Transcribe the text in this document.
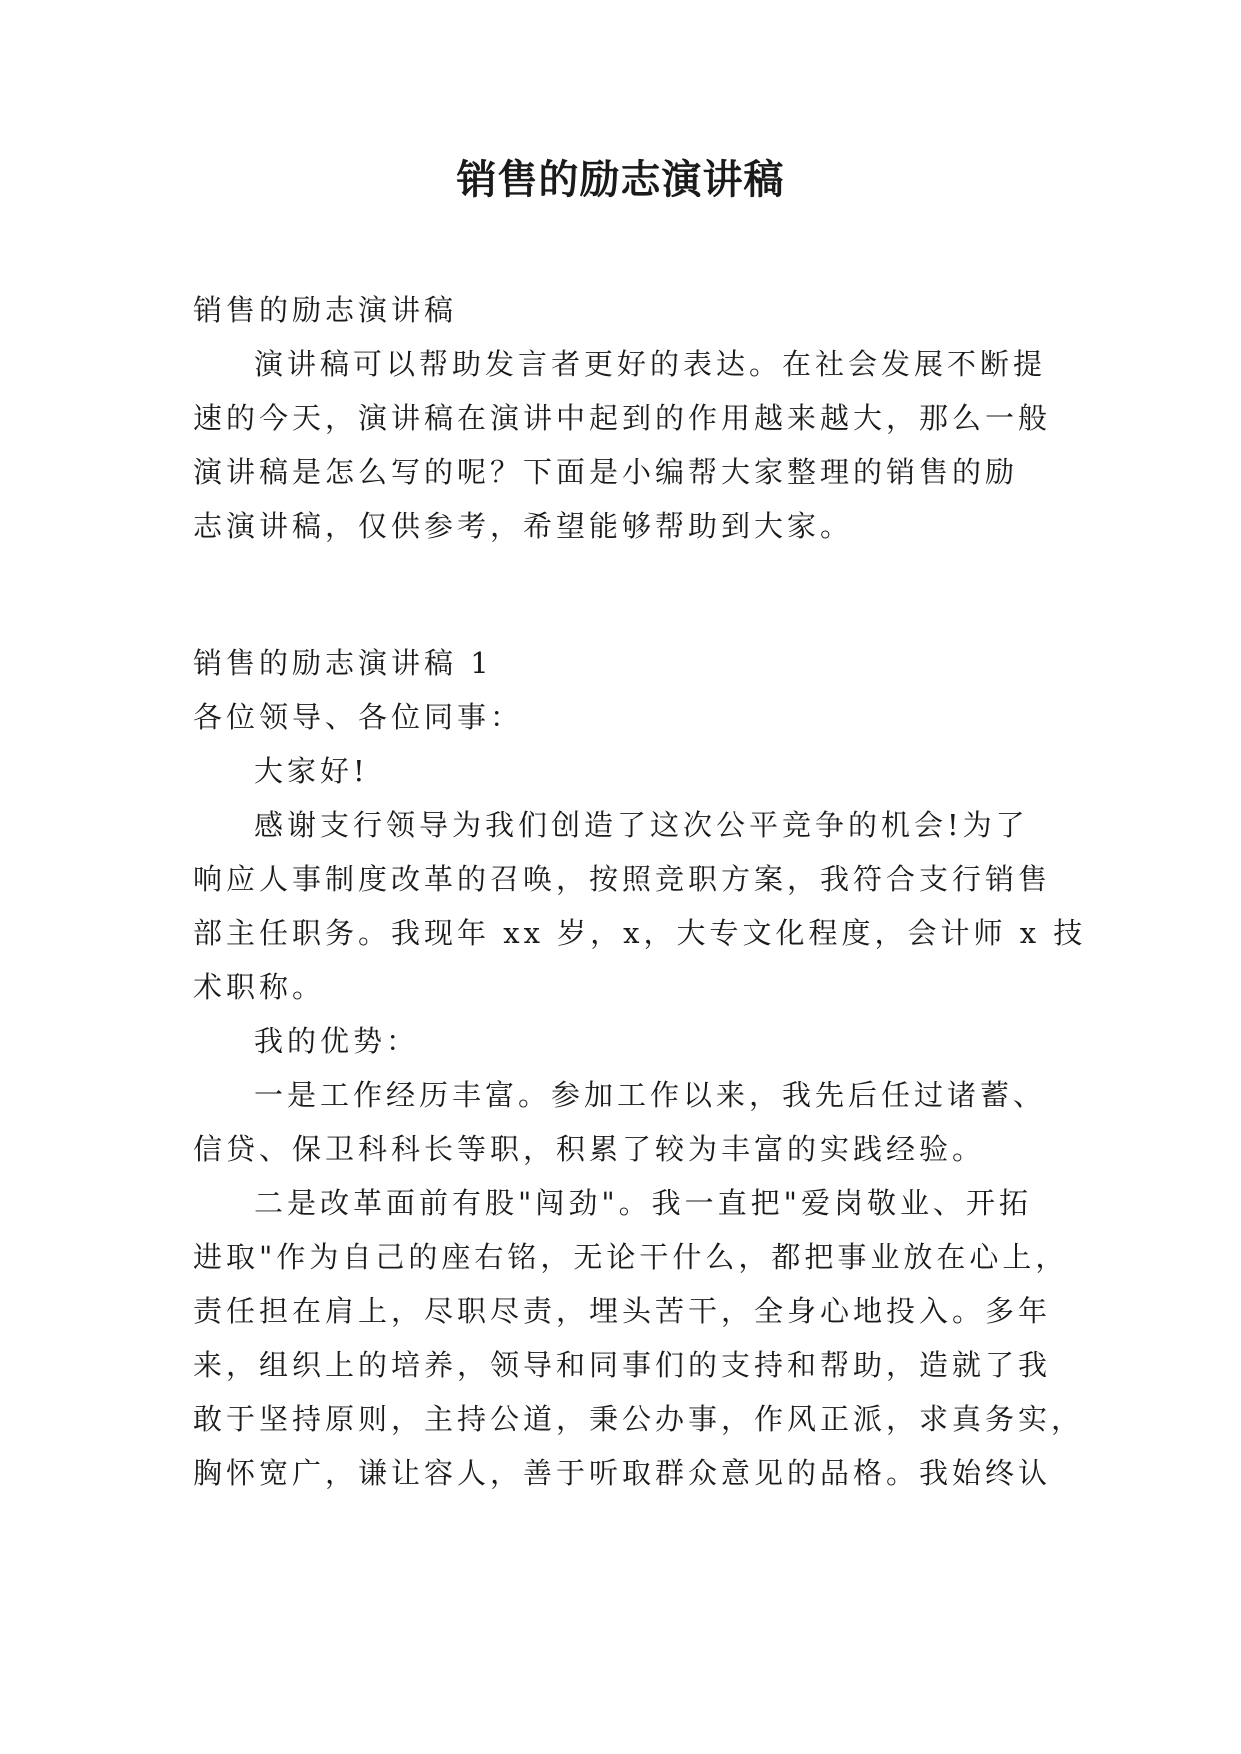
销售的励志演讲稿
销售的励志演讲稿
演讲稿可以帮助发言者更好的表达。在社会发展不断提
速的今天，演讲稿在演讲中起到的作用越来越大，那么一般
演讲稿是怎么写的呢？下面是小编帮大家整理的销售的励
志演讲稿，仅供参考，希望能够帮助到大家。
销售的励志演讲稿 1
各位领导、各位同事：
大家好!
感谢支行领导为我们创造了这次公平竞争的机会!为了
响应人事制度改革的召唤，按照竞职方案，我符合支行销售
部主任职务。我现年 xx 岁，x，大专文化程度，会计师 x 技
术职称。
我的优势：
一是工作经历丰富。参加工作以来，我先后任过诸蓄、
信贷、保卫科科长等职，积累了较为丰富的实践经验。
二是改革面前有股"闯劲"。我一直把"爱岗敬业、开拓
进取"作为自己的座右铭，无论干什么，都把事业放在心上，
责任担在肩上，尽职尽责，埋头苦干，全身心地投入。多年
来，组织上的培养，领导和同事们的支持和帮助，造就了我
敢于坚持原则，主持公道，秉公办事，作风正派，求真务实，
胸怀宽广，谦让容人，善于听取群众意见的品格。我始终认
